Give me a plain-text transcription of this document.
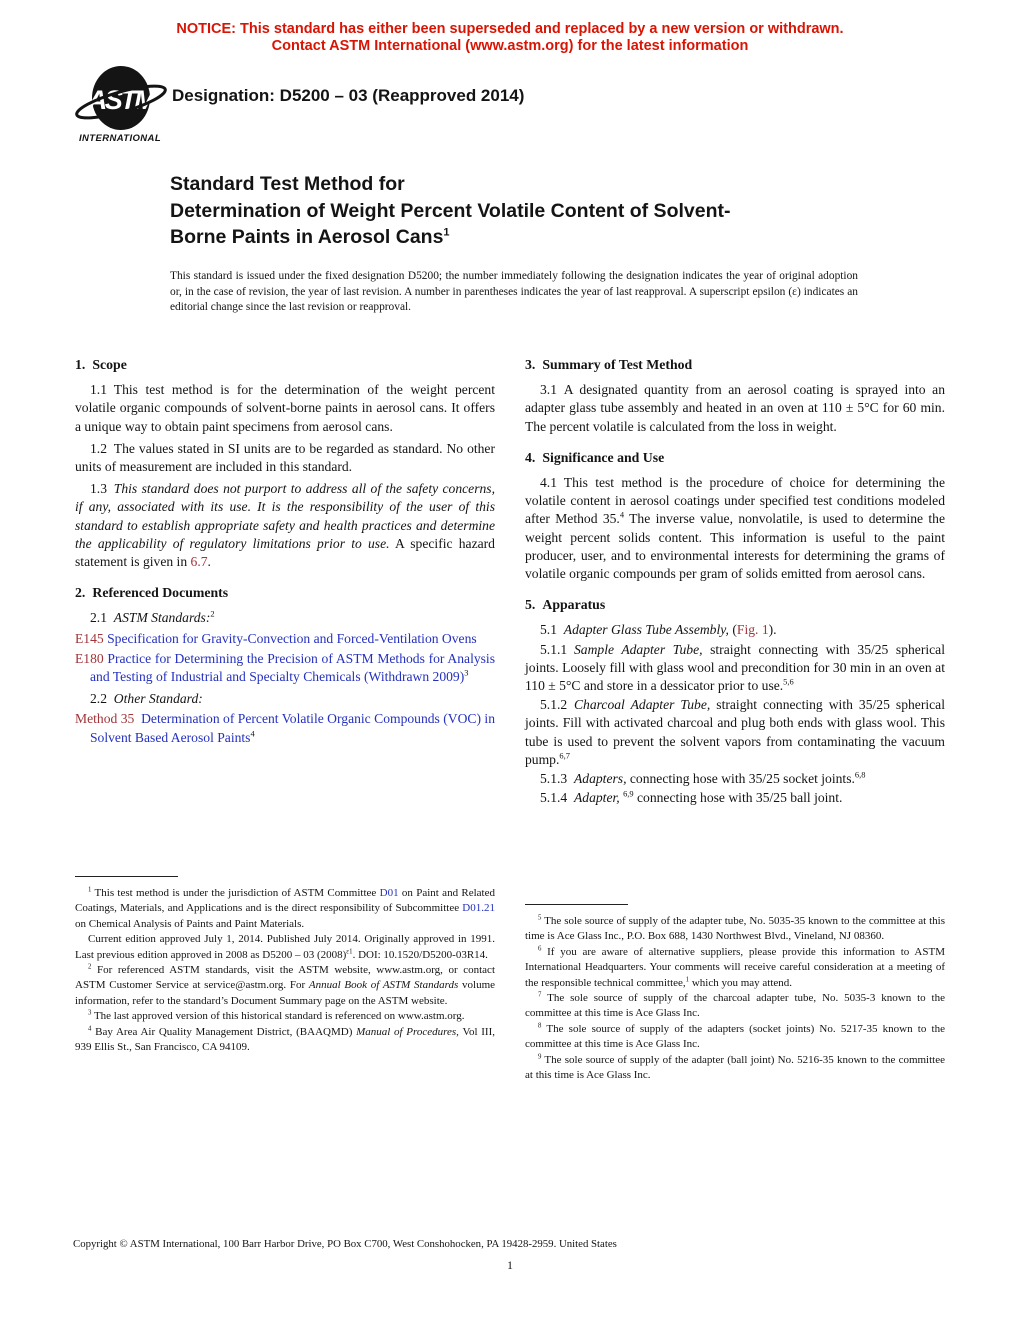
NOTICE: This standard has either been superseded and replaced by a new version or withdrawn.
Contact ASTM International (www.astm.org) for the latest information
ASTM
INTERNATIONAL
Designation: D5200 – 03 (Reapproved 2014)
Standard Test Method for
Determination of Weight Percent Volatile Content of Solvent-
Borne Paints in Aerosol Cans$^1$
This standard is issued under the fixed designation D5200; the number immediately following the designation indicates the year of original adoption or, in the case of revision, the year of last revision. A number in parentheses indicates the year of last reapproval. A superscript epsilon (ε) indicates an editorial change since the last revision or reapproval.
1. Scope

1.1 This test method is for the determination of the weight percent volatile organic compounds of solvent-borne paints in aerosol cans. It offers a unique way to obtain paint specimens from aerosol cans.

1.2 The values stated in SI units are to be regarded as standard. No other units of measurement are included in this standard.

1.3 This standard does not purport to address all of the safety concerns, if any, associated with its use. It is the responsibility of the user of this standard to establish appropriate safety and health practices and determine the applicability of regulatory limitations prior to use. A specific hazard statement is given in 6.7.

2. Referenced Documents

2.1 ASTM Standards:$^2$

E145 Specification for Gravity-Convection and Forced-Ventilation Ovens

E180 Practice for Determining the Precision of ASTM Methods for Analysis and Testing of Industrial and Specialty Chemicals (Withdrawn 2009)$^3$

2.2 Other Standard:

Method 35  Determination of Percent Volatile Organic Compounds (VOC) in Solvent Based Aerosol Paints$^4$

3. Summary of Test Method

3.1 A designated quantity from an aerosol coating is sprayed into an adapter glass tube assembly and heated in an oven at 110 ± 5°C for 60 min. The percent volatile is calculated from the loss in weight.

4. Significance and Use

4.1 This test method is the procedure of choice for determining the volatile content in aerosol coatings under specified test conditions modeled after Method 35.$^4$ The inverse value, nonvolatile, is used to determine the weight percent solids content. This information is useful to the paint producer, user, and to environmental interests for determining the grams of volatile organic compounds per gram of solids emitted from aerosol cans.

5. Apparatus

5.1 Adapter Glass Tube Assembly, (Fig. 1).

5.1.1 Sample Adapter Tube, straight connecting with 35/25 spherical joints. Loosely fill with glass wool and precondition for 30 min in an oven at 110 ± 5°C and store in a dessicator prior to use.$^{5,6}$

5.1.2 Charcoal Adapter Tube, straight connecting with 35/25 spherical joints. Fill with activated charcoal and plug both ends with glass wool. This tube is used to prevent the solvent vapors from contaminating the vacuum pump.$^{6,7}$

5.1.3 Adapters, connecting hose with 35/25 socket joints.$^{6,8}$

5.1.4 Adapter, $^{6,9}$ connecting hose with 35/25 ball joint.

$^1$ This test method is under the jurisdiction of ASTM Committee D01 on Paint and Related Coatings, Materials, and Applications and is the direct responsibility of Subcommittee D01.21 on Chemical Analysis of Paints and Paint Materials.

Current edition approved July 1, 2014. Published July 2014. Originally approved in 1991. Last previous edition approved in 2008 as D5200 – 03 $(2008)^{\varepsilon 1}$. DOI: 10.1520/D5200-03R14.

$^2$ For referenced ASTM standards, visit the ASTM website, www.astm.org, or contact ASTM Customer Service at service@astm.org. For Annual Book of ASTM Standards volume information, refer to the standard’s Document Summary page on the ASTM website.

$^3$ The last approved version of this historical standard is referenced on www.astm.org.

$^4$ Bay Area Air Quality Management District, (BAAQMD) Manual of Procedures, Vol III, 939 Ellis St., San Francisco, CA 94109.

$^5$ The sole source of supply of the adapter tube, No. 5035-35 known to the committee at this time is Ace Glass Inc., P.O. Box 688, 1430 Northwest Blvd., Vineland, NJ 08360.

$^6$ If you are aware of alternative suppliers, please provide this information to ASTM International Headquarters. Your comments will receive careful consideration at a meeting of the responsible technical committee,$^1$ which you may attend.

$^7$ The sole source of supply of the charcoal adapter tube, No. 5035-3 known to the committee at this time is Ace Glass Inc.

$^8$ The sole source of supply of the adapters (socket joints) No. 5217-35 known to the committee at this time is Ace Glass Inc.

$^9$ The sole source of supply of the adapter (ball joint) No. 5216-35 known to the committee at this time is Ace Glass Inc.

Copyright © ASTM International, 100 Barr Harbor Drive, PO Box C700, West Conshohocken, PA 19428-2959. United States
1
